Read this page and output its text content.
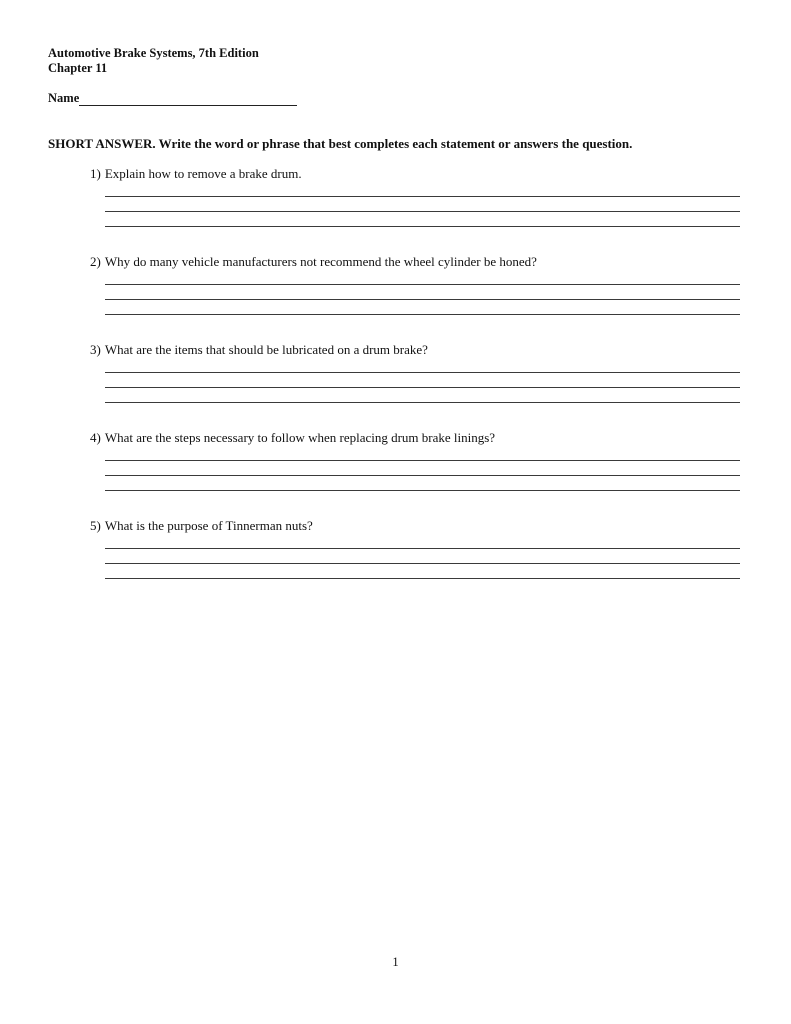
Automotive Brake Systems, 7th Edition
Chapter 11
Name
SHORT ANSWER. Write the word or phrase that best completes each statement or answers the question.
1) Explain how to remove a brake drum.
2) Why do many vehicle manufacturers not recommend the wheel cylinder be honed?
3) What are the items that should be lubricated on a drum brake?
4) What are the steps necessary to follow when replacing drum brake linings?
5) What is the purpose of Tinnerman nuts?
1
